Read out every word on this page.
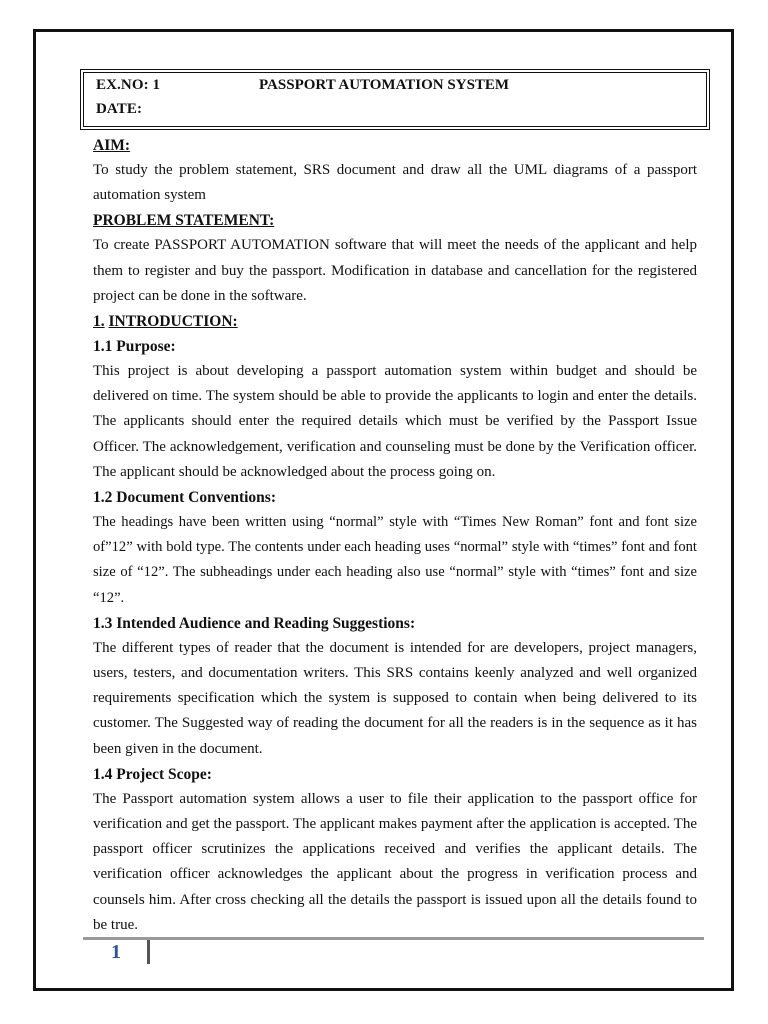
EX.NO: 1	PASSPORT AUTOMATION SYSTEM
DATE:
AIM:

To study the problem statement, SRS document and draw all the UML diagrams of a passport automation system

PROBLEM STATEMENT:

To create PASSPORT AUTOMATION software that will meet the needs of the applicant and help them to register and buy the passport. Modification in database and cancellation for the registered project can be done in the software.

1. INTRODUCTION:
1.1 Purpose:

This project is about developing a passport automation system within budget and should be delivered on time. The system should be able to provide the applicants to login and enter the details. The applicants should enter the required details which must be verified by the Passport Issue Officer. The acknowledgement, verification and counseling must be done by the Verification officer. The applicant should be acknowledged about the process going on.

1.2 Document Conventions:

The headings have been written using “normal” style with “Times New Roman” font and font size of”12” with bold type. The contents under each heading uses “normal” style with “times” font and font size of “12”. The subheadings under each heading also use “normal” style with “times” font and size “12”.

1.3 Intended Audience and Reading Suggestions:

The different types of reader that the document is intended for are developers, project managers, users, testers, and documentation writers. This SRS contains keenly analyzed and well organized requirements specification which the system is supposed to contain when being delivered to its customer. The Suggested way of reading the document for all the readers is in the sequence as it has been given in the document.

1.4 Project Scope:

The Passport automation system allows a user to file their application to the passport office for verification and get the passport. The applicant makes payment after the application is accepted. The passport officer scrutinizes the applications received and verifies the applicant details. The verification officer acknowledges the applicant about the progress in verification process and counsels him. After cross checking all the details the passport is issued upon all the details found to be true.

1
